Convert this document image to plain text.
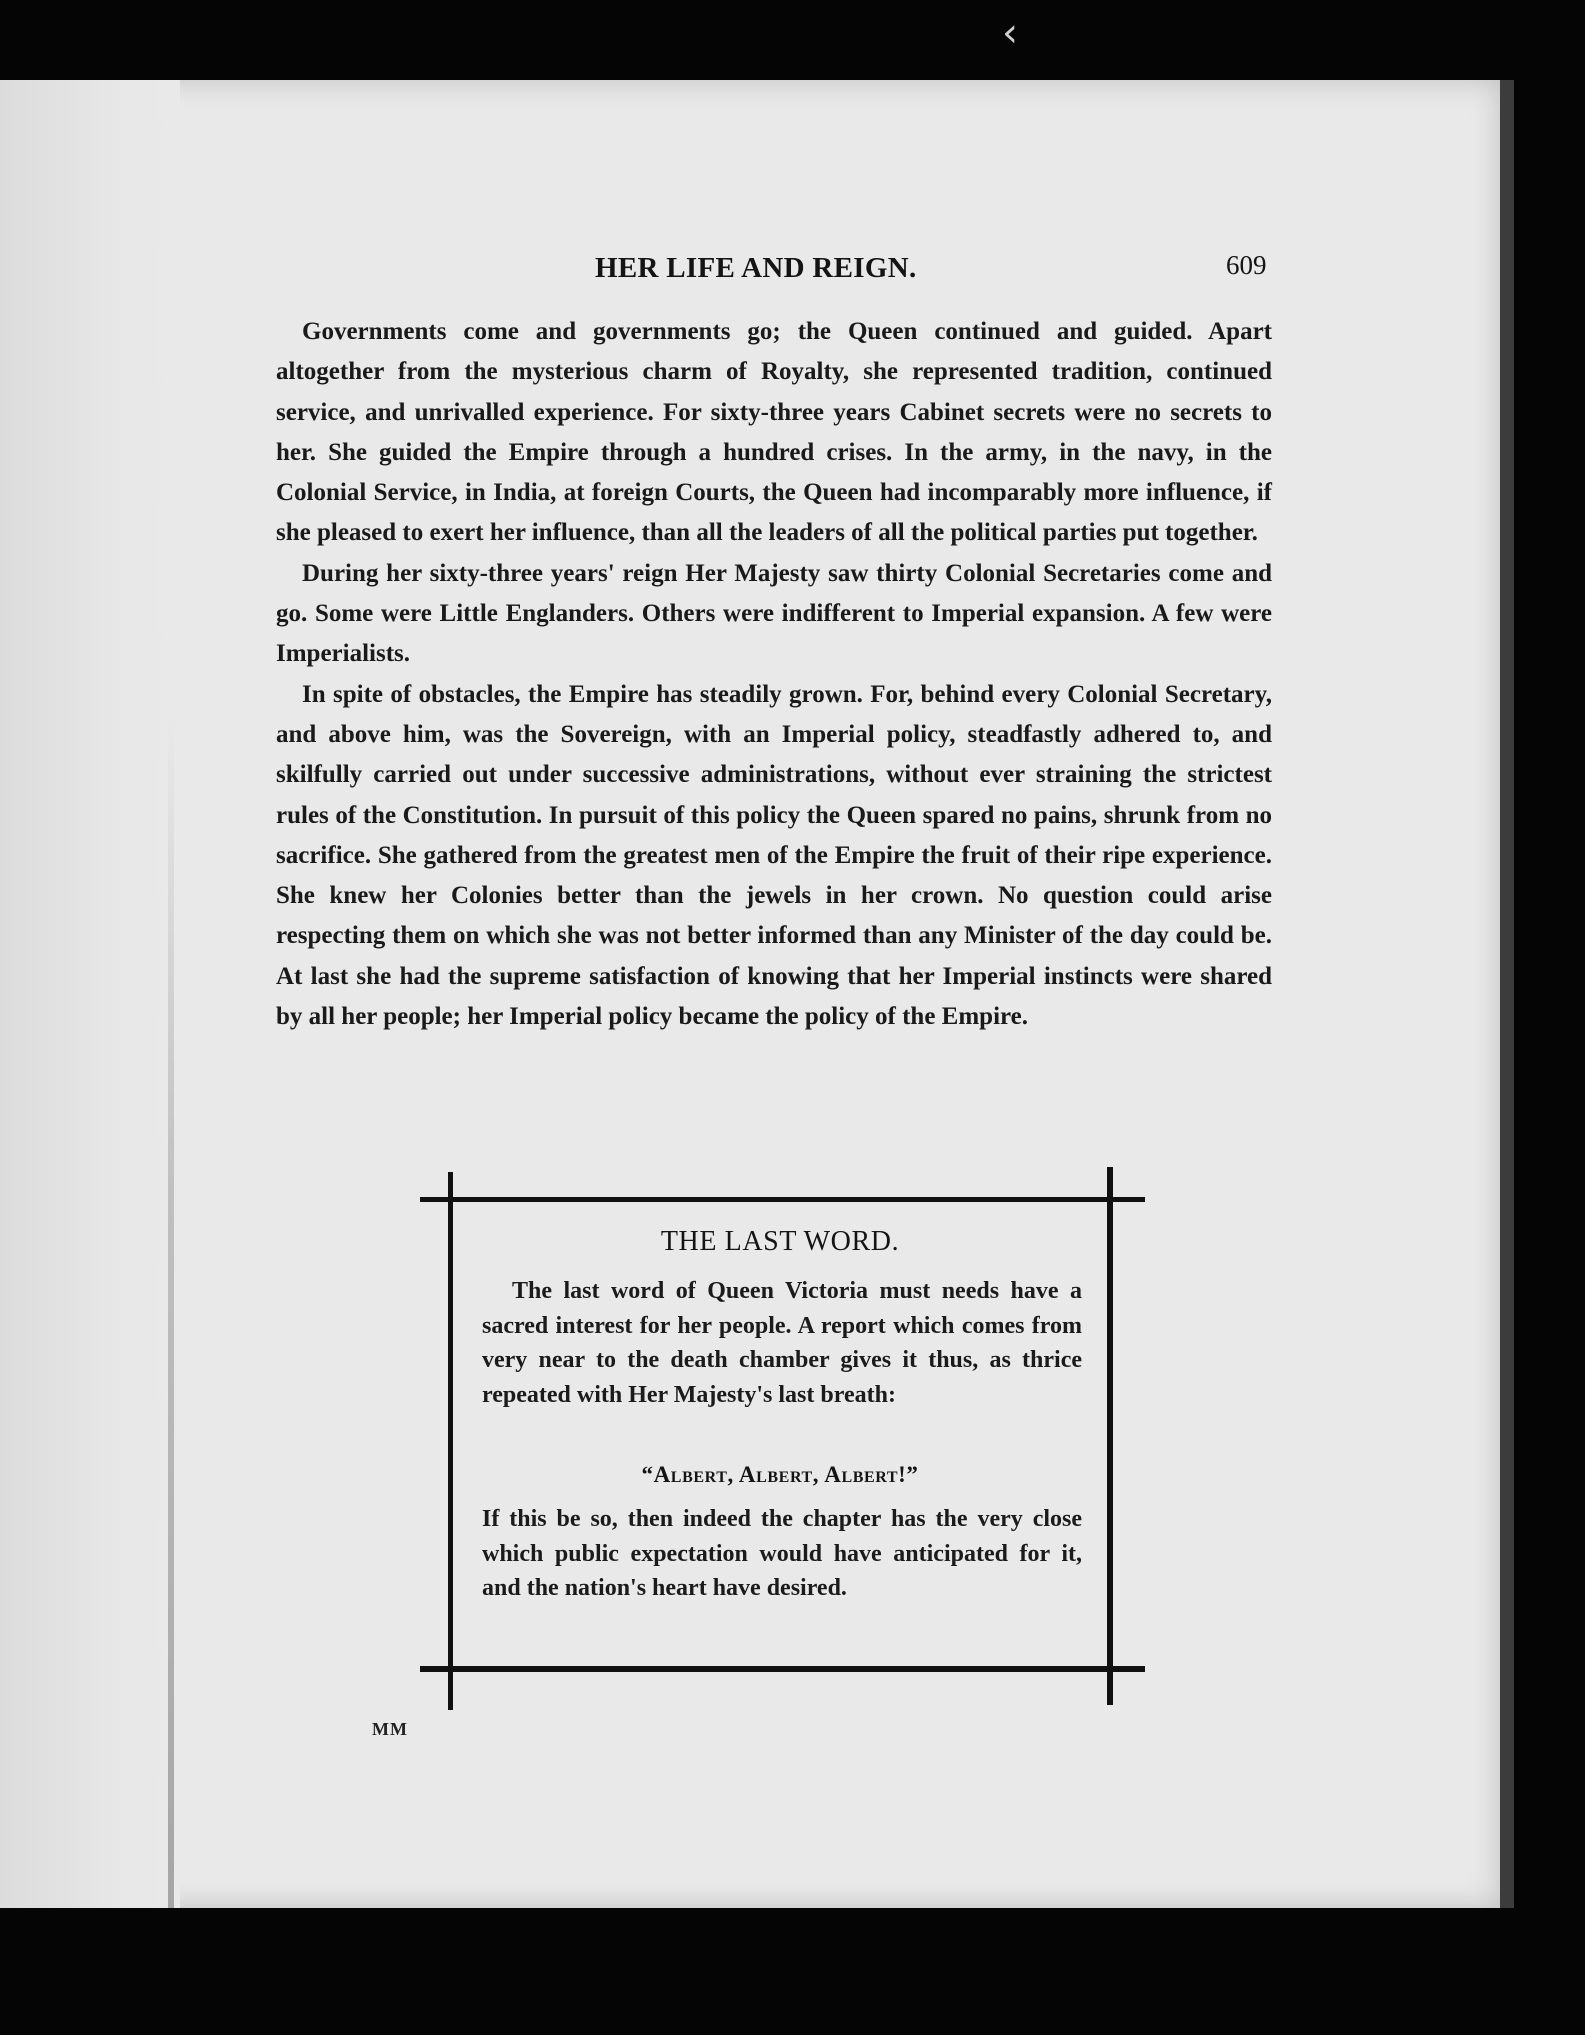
‹
HER LIFE AND REIGN.	609

Governments come and governments go; the Queen continued and guided. Apart altogether from the mysterious charm of Royalty, she represented tradition, continued service, and unrivalled experience. For sixty-three years Cabinet secrets were no secrets to her. She guided the Empire through a hundred crises. In the army, in the navy, in the Colonial Service, in India, at foreign Courts, the Queen had incomparably more influence, if she pleased to exert her influence, than all the leaders of all the political parties put together.

During her sixty-three years' reign Her Majesty saw thirty Colonial Secretaries come and go. Some were Little Englanders. Others were indifferent to Imperial expansion. A few were Imperialists.

In spite of obstacles, the Empire has steadily grown. For, behind every Colonial Secretary, and above him, was the Sovereign, with an Imperial policy, steadfastly adhered to, and skilfully carried out under successive administrations, without ever straining the strictest rules of the Constitution. In pursuit of this policy the Queen spared no pains, shrunk from no sacrifice. She gathered from the greatest men of the Empire the fruit of their ripe experience. She knew her Colonies better than the jewels in her crown. No question could arise respecting them on which she was not better informed than any Minister of the day could be. At last she had the supreme satisfaction of knowing that her Imperial instincts were shared by all her people; her Imperial policy became the policy of the Empire.

THE LAST WORD.
The last word of Queen Victoria must needs have a sacred interest for her people. A report which comes from very near to the death chamber gives it thus, as thrice repeated with Her Majesty's last breath:
“Albert, Albert, Albert!”
If this be so, then indeed the chapter has the very close which public expectation would have anticipated for it, and the nation's heart have desired.
MM
